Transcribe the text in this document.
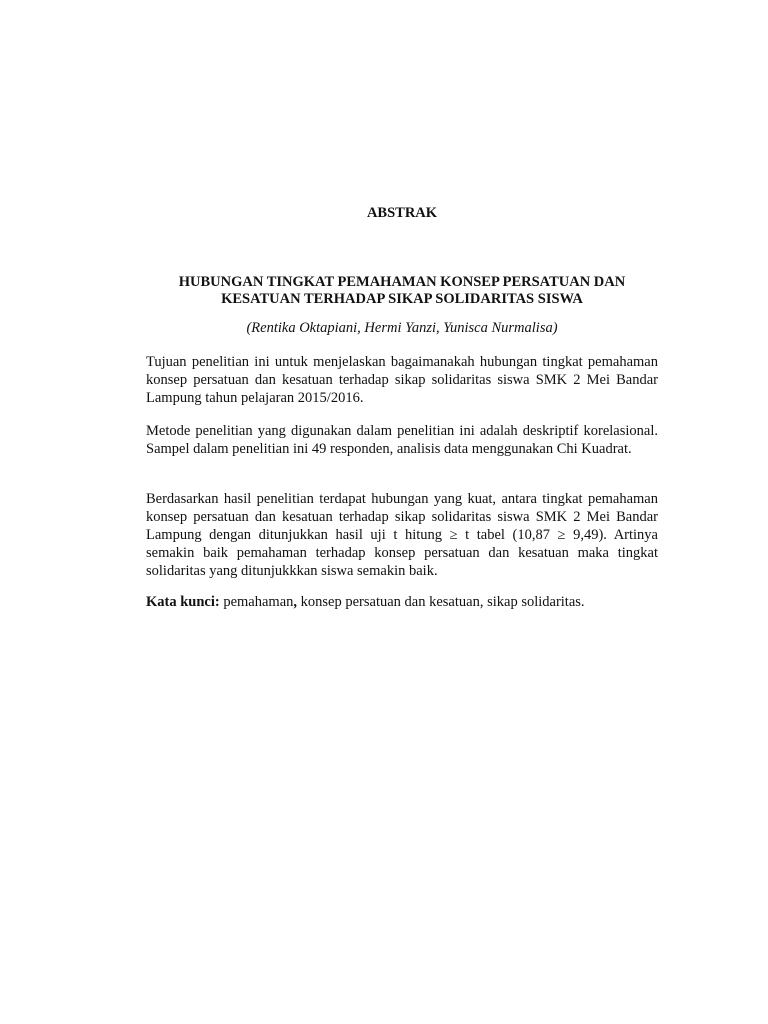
ABSTRAK
HUBUNGAN TINGKAT PEMAHAMAN KONSEP PERSATUAN DAN
KESATUAN TERHADAP SIKAP SOLIDARITAS SISWA

(Rentika Oktapiani, Hermi Yanzi, Yunisca Nurmalisa)

Tujuan penelitian ini untuk menjelaskan bagaimanakah hubungan tingkat pemahaman konsep persatuan dan kesatuan terhadap sikap solidaritas siswa SMK 2 Mei Bandar Lampung tahun pelajaran 2015/2016.

Metode penelitian yang digunakan dalam penelitian ini adalah deskriptif korelasional. Sampel dalam penelitian ini 49 responden, analisis data menggunakan Chi Kuadrat.

Berdasarkan hasil penelitian terdapat hubungan yang kuat, antara tingkat pemahaman konsep persatuan dan kesatuan terhadap sikap solidaritas siswa SMK 2 Mei Bandar Lampung dengan ditunjukkan hasil uji t hitung ≥ t tabel (10,87 ≥ 9,49). Artinya semakin baik pemahaman terhadap konsep persatuan dan kesatuan maka tingkat solidaritas yang ditunjukkkan siswa semakin baik.

Kata kunci: pemahaman, konsep persatuan dan kesatuan, sikap solidaritas.
